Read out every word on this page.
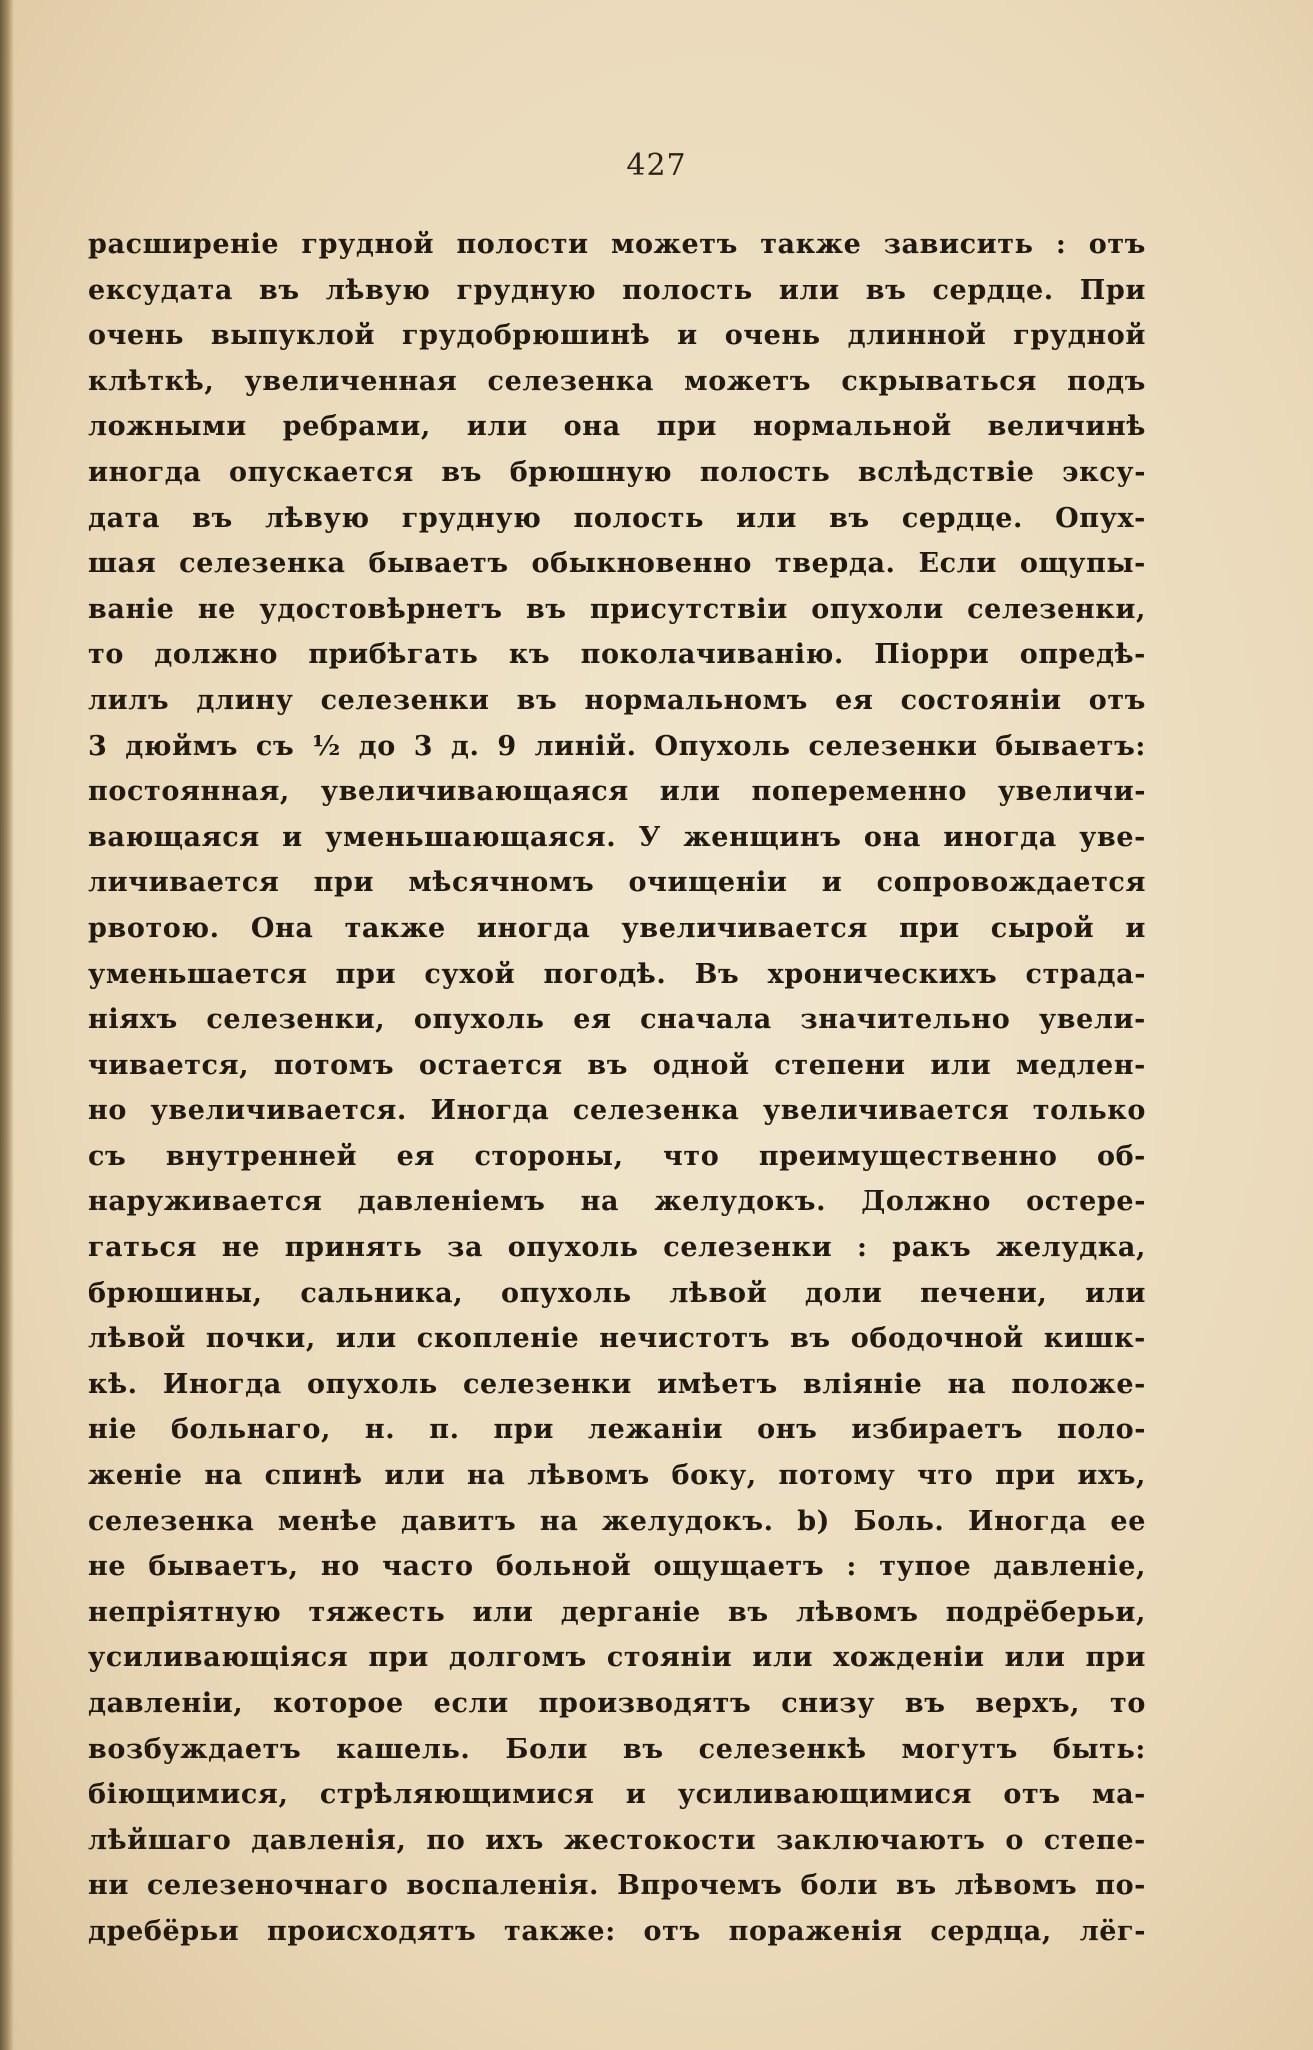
427
расширеніе грудной полости можетъ также зависить : отъ
ексудата въ лѣвую грудную полость или въ сердце. При
очень выпуклой грудобрюшинѣ и очень длинной грудной
клѣткѣ, увеличенная селезенка можетъ скрываться подъ
ложными ребрами, или она при нормальной величинѣ
иногда опускается въ брюшную полость вслѣдствіе эксу-
дата въ лѣвую грудную полость или въ сердце. Опух-
шая селезенка бываетъ обыкновенно тверда. Если ощупы-
ваніе не удостовѣрнетъ въ присутствіи опухоли селезенки,
то должно прибѣгать къ поколачиванію. Піорри опредѣ-
лилъ длину селезенки въ нормальномъ ея состояніи отъ
3 дюймъ съ ½ до 3 д. 9 линій. Опухоль селезенки бываетъ:
постоянная, увеличивающаяся или попеременно увеличи-
вающаяся и уменьшающаяся. У женщинъ она иногда уве-
личивается при мѣсячномъ очищеніи и сопровождается
рвотою. Она также иногда увеличивается при сырой и
уменьшается при сухой погодѣ. Въ хроническихъ страда-
ніяхъ селезенки, опухоль ея сначала значительно увели-
чивается, потомъ остается въ одной степени или медлен-
но увеличивается. Иногда селезенка увеличивается только
съ внутренней ея стороны, что преимущественно об-
наруживается давленіемъ на желудокъ. Должно остере-
гаться не принять за опухоль селезенки : ракъ желудка,
брюшины, сальника, опухоль лѣвой доли печени, или
лѣвой почки, или скопленіе нечистотъ въ ободочной кишк-
кѣ. Иногда опухоль селезенки имѣетъ вліяніе на положе-
ніе больнаго, н. п. при лежаніи онъ избираетъ поло-
женіе на спинѣ или на лѣвомъ боку, потому что при ихъ,
селезенка менѣе давитъ на желудокъ. b) Боль. Иногда ее
не бываетъ, но часто больной ощущаетъ : тупое давленіе,
непріятную тяжесть или дерганіе въ лѣвомъ подрёберьи,
усиливающіяся при долгомъ стояніи или хожденіи или при
давленіи, которое если производятъ снизу въ верхъ, то
возбуждаетъ кашель. Боли въ селезенкѣ могутъ быть:
біющимися, стрѣляющимися и усиливающимися отъ ма-
лѣйшаго давленія, по ихъ жестокости заключаютъ о степе-
ни селезеночнаго воспаленія. Впрочемъ боли въ лѣвомъ по-
дребёрьи происходятъ также: отъ пораженія сердца, лёг-
